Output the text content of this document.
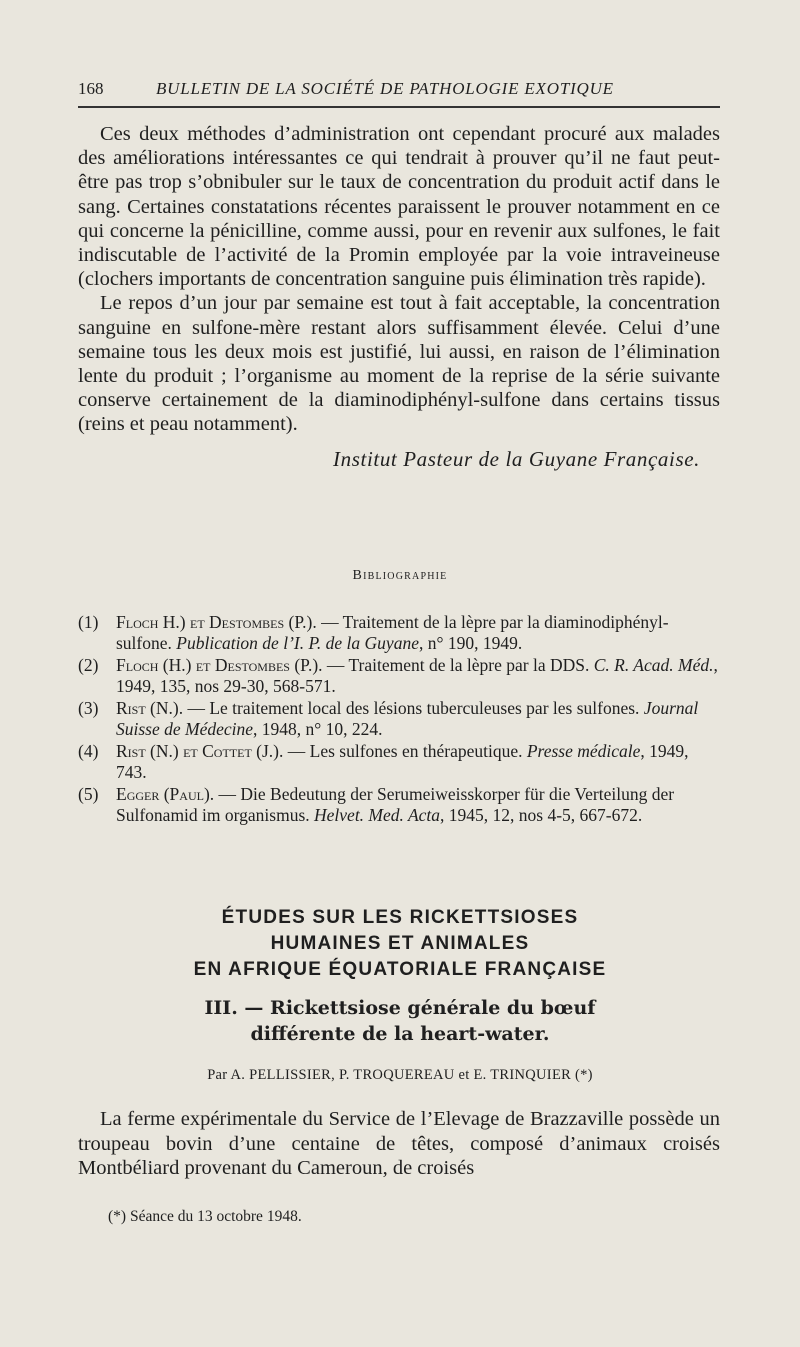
168	BULLETIN DE LA SOCIÉTÉ DE PATHOLOGIE EXOTIQUE

Ces deux méthodes d’administration ont cependant procuré aux malades des améliorations intéressantes ce qui tendrait à prouver qu’il ne faut peut-être pas trop s’obnibuler sur le taux de concentration du produit actif dans le sang. Certaines constatations récentes paraissent le prouver notamment en ce qui concerne la pénicilline, comme aussi, pour en revenir aux sulfones, le fait indiscutable de l’activité de la Promin employée par la voie intraveineuse (clochers importants de concentration sanguine puis élimination très rapide).

Le repos d’un jour par semaine est tout à fait acceptable, la concentration sanguine en sulfone-mère restant alors suffisamment élevée. Celui d’une semaine tous les deux mois est justifié, lui aussi, en raison de l’élimination lente du produit ; l’organisme au moment de la reprise de la série suivante conserve certainement de la diaminodiphényl-sulfone dans certains tissus (reins et peau notamment).

Institut Pasteur de la Guyane Française.
Bibliographie
(1) Floch H.) et Destombes (P.). — Traitement de la lèpre par la diaminodiphényl-sulfone. Publication de l’I. P. de la Guyane, n° 190, 1949.
(2) Floch (H.) et Destombes (P.). — Traitement de la lèpre par la DDS. C. R. Acad. Méd., 1949, 135, nos 29-30, 568-571.
(3) Rist (N.). — Le traitement local des lésions tuberculeuses par les sulfones. Journal Suisse de Médecine, 1948, n° 10, 224.
(4) Rist (N.) et Cottet (J.). — Les sulfones en thérapeutique. Presse médicale, 1949, 743.
(5) Egger (Paul). — Die Bedeutung der Serumeiweisskorper für die Verteilung der Sulfonamid im organismus. Helvet. Med. Acta, 1945, 12, nos 4-5, 667-672.
ÉTUDES SUR LES RICKETTSIOSES
HUMAINES ET ANIMALES
EN AFRIQUE ÉQUATORIALE FRANÇAISE
III. — Rickettsiose générale du bœuf
différente de la heart-water.
Par A. PELLISSIER, P. TROQUEREAU et E. TRINQUIER (*)

La ferme expérimentale du Service de l’Elevage de Brazzaville possède un troupeau bovin d’une centaine de têtes, composé d’animaux croisés Montbéliard provenant du Cameroun, de croisés

(*) Séance du 13 octobre 1948.
